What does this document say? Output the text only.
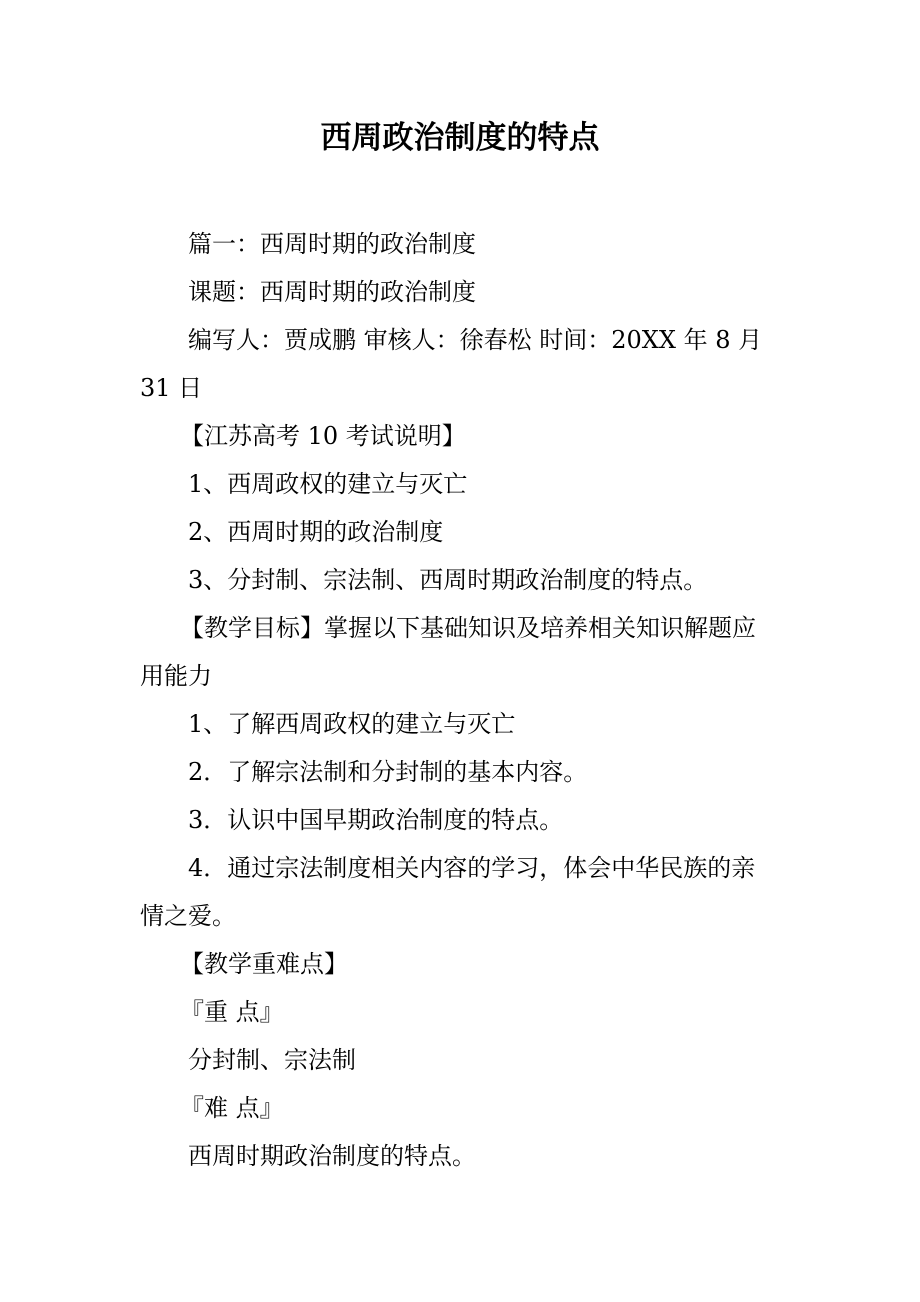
西周政治制度的特点

篇一：西周时期的政治制度

课题：西周时期的政治制度

编写人：贾成鹏 审核人：徐春松 时间：20XX 年 8 月

31 日

【江苏高考 10 考试说明】

1、西周政权的建立与灭亡

2、西周时期的政治制度

3、分封制、宗法制、西周时期政治制度的特点。

【教学目标】掌握以下基础知识及培养相关知识解题应

用能力

1、了解西周政权的建立与灭亡

2．了解宗法制和分封制的基本内容。

3．认识中国早期政治制度的特点。

4．通过宗法制度相关内容的学习，体会中华民族的亲

情之爱。

【教学重难点】

『重 点』

分封制、宗法制

『难 点』

西周时期政治制度的特点。
